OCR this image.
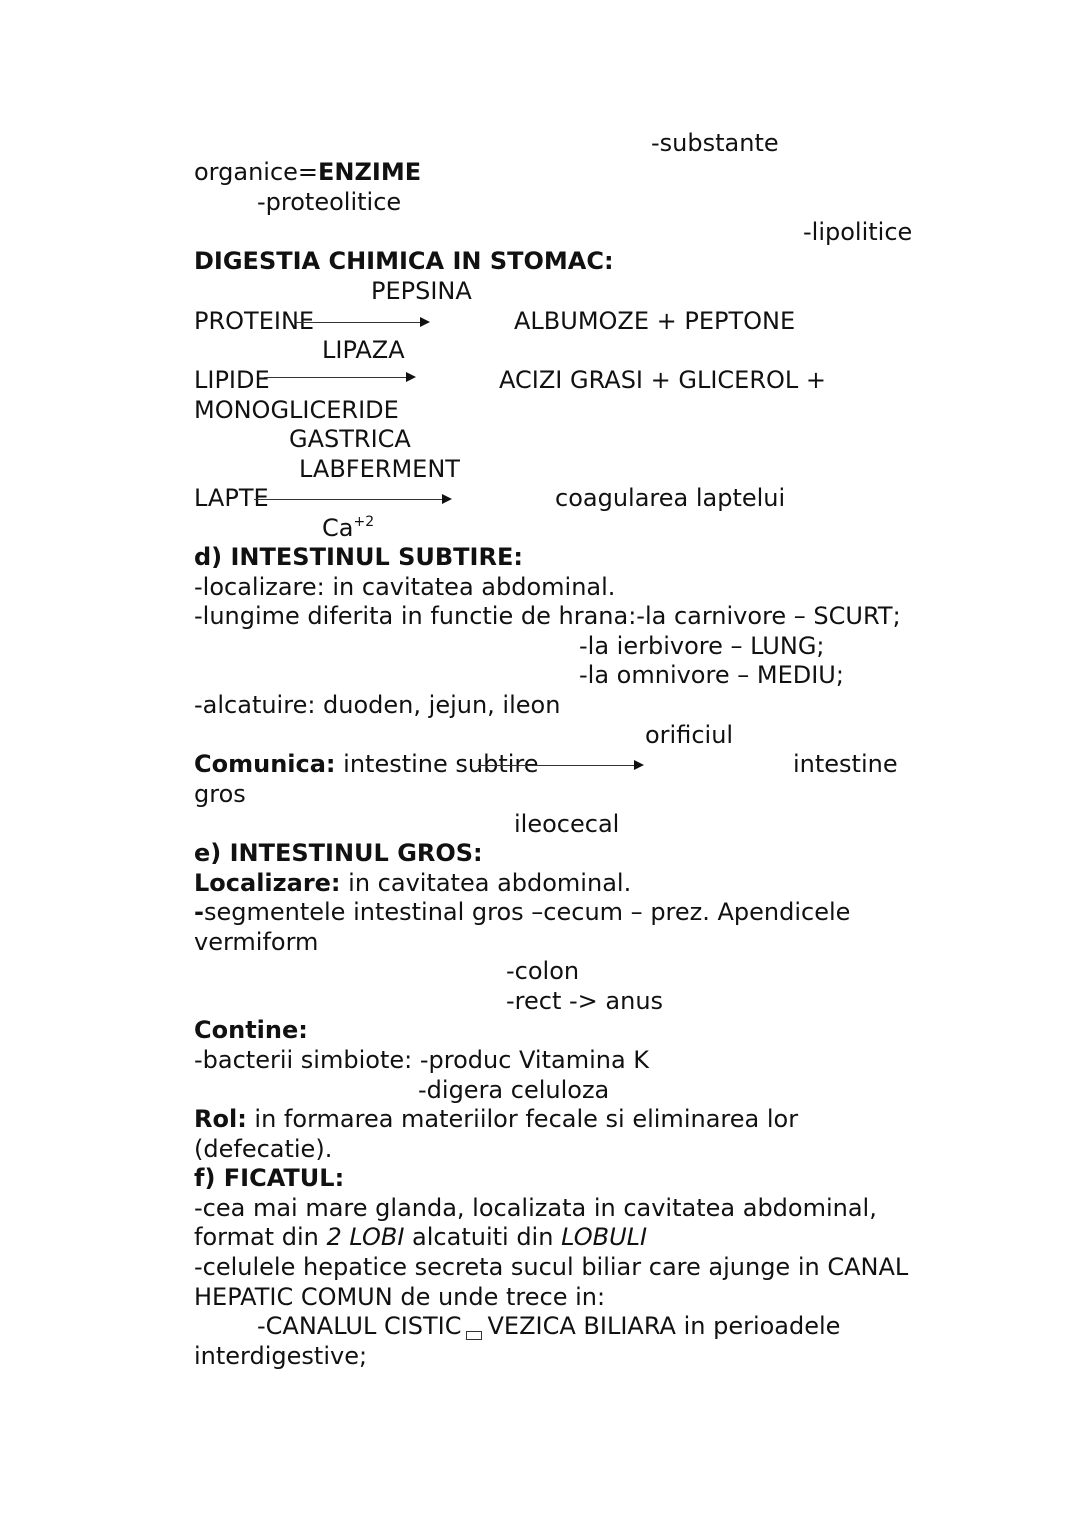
-substante
organice=ENZIME
-proteolitice
-lipolitice
DIGESTIA CHIMICA IN STOMAC:
PEPSINA
PROTEINE	ALBUMOZE + PEPTONE
LIPAZA
LIPIDE	ACIZI GRASI + GLICEROL +
MONOGLICERIDE
GASTRICA
LABFERMENT
LAPTE	coagularea laptelui
$Ca^{+2}$
d) INTESTINUL SUBTIRE:
-localizare: in cavitatea abdominal.
-lungime diferita in functie de hrana:-la carnivore – SCURT;
-la ierbivore – LUNG;
-la omnivore – MEDIU;
-alcatuire: duoden, jejun, ileon
orificiul
Comunica: intestine subtire	intestine
gros
ileocecal
e) INTESTINUL GROS:
Localizare: in cavitatea abdominal.
-segmentele intestinal gros –cecum – prez. Apendicele
vermiform
-colon
-rect -> anus
Contine:
-bacterii simbiote: -produc Vitamina K
-digera celuloza
Rol: in formarea materiilor fecale si eliminarea lor
(defecatie).
f) FICATUL:
-cea mai mare glanda, localizata in cavitatea abdominal,
format din 2 LOBI alcatuiti din LOBULI
-celulele hepatice secreta sucul biliar care ajunge in CANAL
HEPATIC COMUN de unde trece in:
-CANALUL CISTIC VEZICA BILIARA in perioadele
interdigestive;
